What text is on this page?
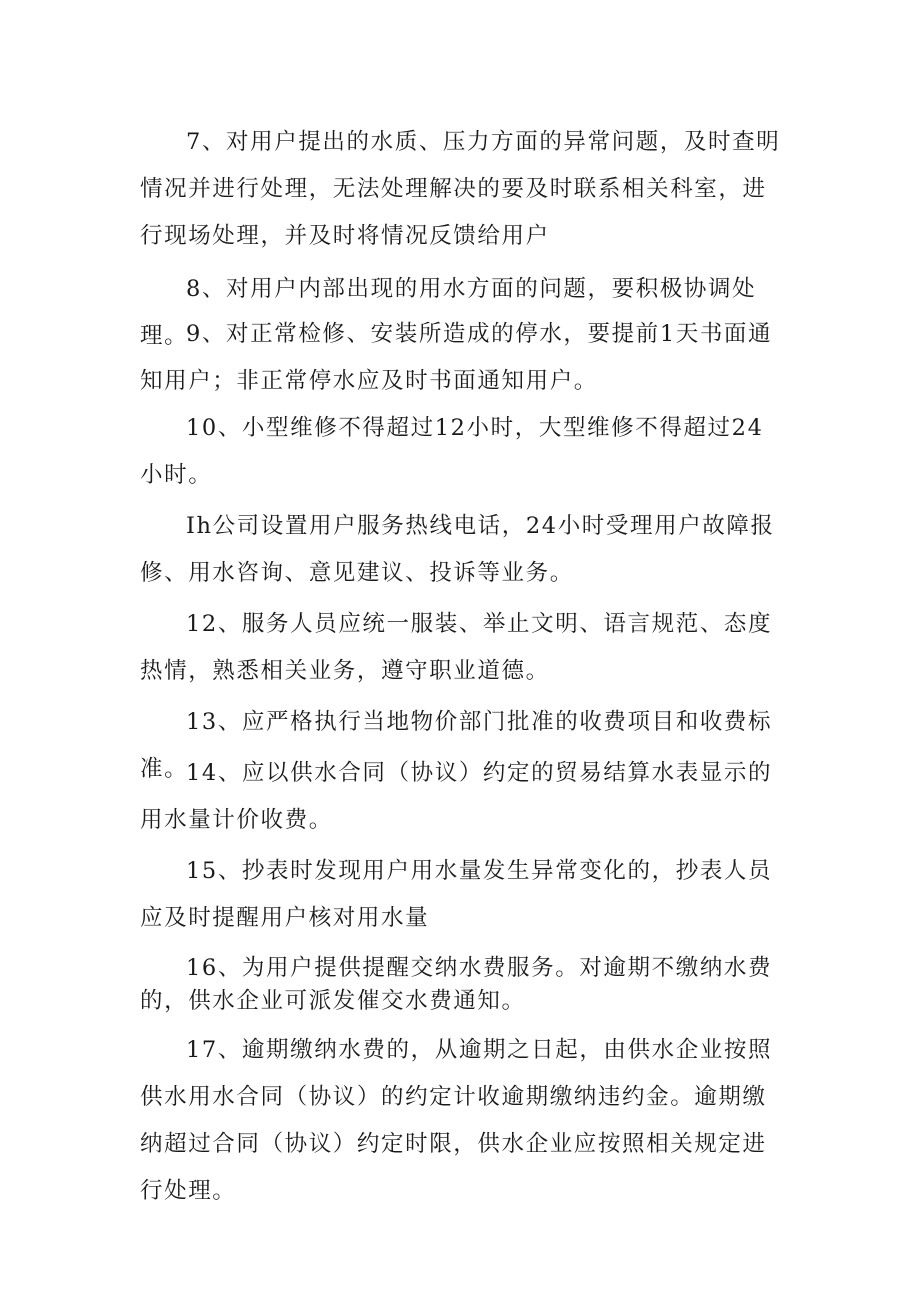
7、对用户提出的水质、压力方面的异常问题，及时查明情况并进行处理，无法处理解决的要及时联系相关科室，进行现场处理，并及时将情况反馈给用户

8、对用户内部出现的用水方面的问题，要积极协调处理。

9、对正常检修、安装所造成的停水，要提前1天书面通知用户；非正常停水应及时书面通知用户。

10、小型维修不得超过12小时，大型维修不得超过24小时。

Ih公司设置用户服务热线电话，24小时受理用户故障报修、用水咨询、意见建议、投诉等业务。

12、服务人员应统一服装、举止文明、语言规范、态度热情，熟悉相关业务，遵守职业道德。

13、应严格执行当地物价部门批准的收费项目和收费标准。

14、应以供水合同（协议）约定的贸易结算水表显示的用水量计价收费。

15、抄表时发现用户用水量发生异常变化的，抄表人员应及时提醒用户核对用水量

16、为用户提供提醒交纳水费服务。对逾期不缴纳水费的，供水企业可派发催交水费通知。

17、逾期缴纳水费的，从逾期之日起，由供水企业按照供水用水合同（协议）的约定计收逾期缴纳违约金。逾期缴纳超过合同（协议）约定时限，供水企业应按照相关规定进行处理。
